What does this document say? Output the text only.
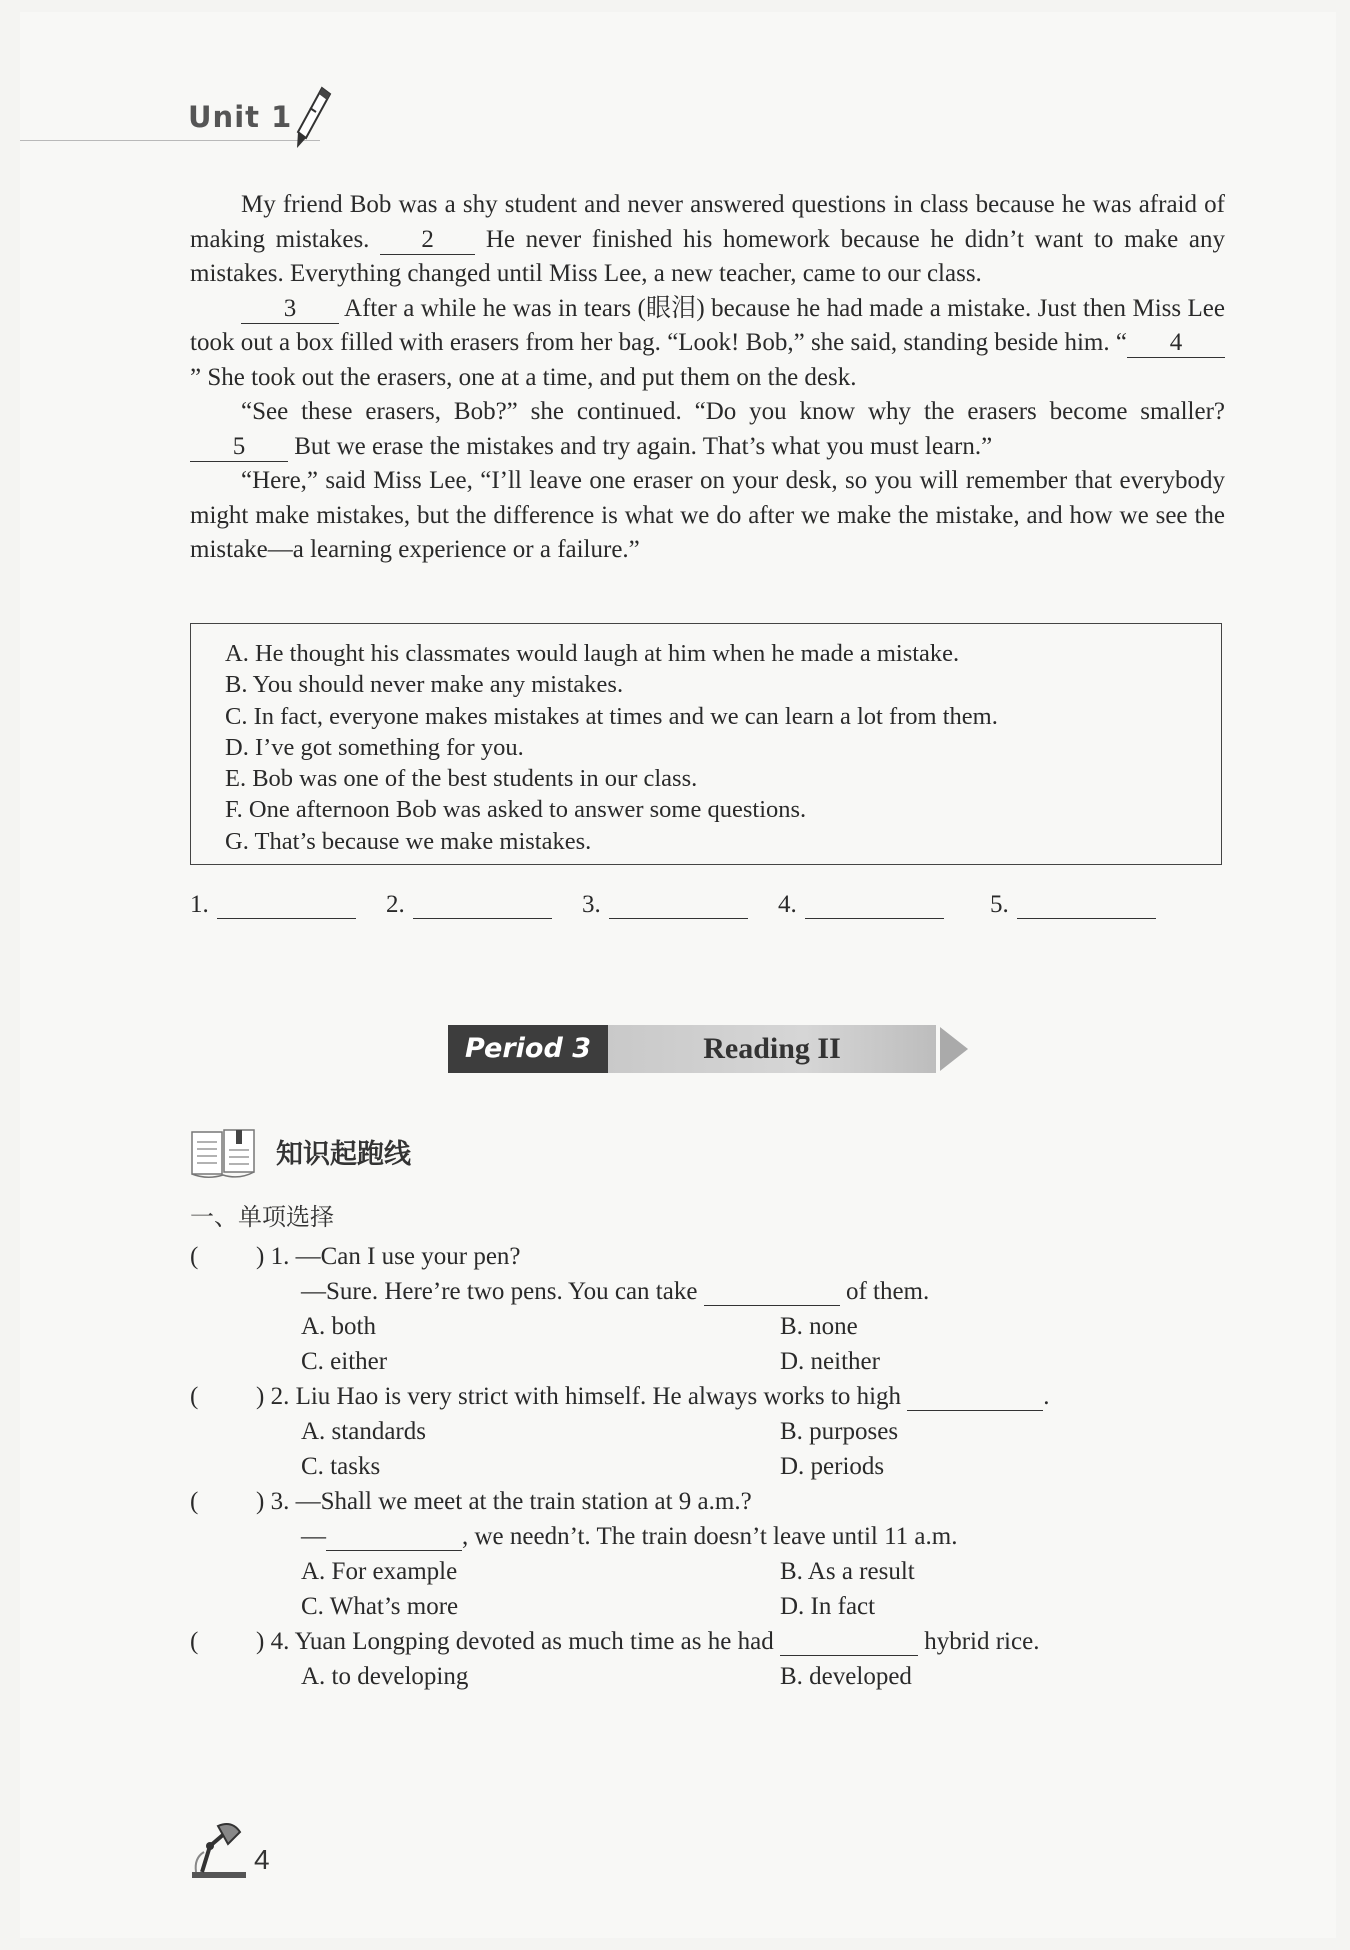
Unit 1

My friend Bob was a shy student and never answered questions in class because he was afraid of making mistakes. 2 He never finished his homework because he didn’t want to make any mistakes. Everything changed until Miss Lee, a new teacher, came to our class.

3 After a while he was in tears (眼泪) because he had made a mistake. Just then Miss Lee took out a box filled with erasers from her bag. “Look! Bob,” she said, standing beside him. “ 4” She took out the erasers, one at a time, and put them on the desk.

“See these erasers, Bob?” she continued. “Do you know why the erasers become smaller? 5 But we erase the mistakes and try again. That’s what you must learn.”

“Here,” said Miss Lee, “I’ll leave one eraser on your desk, so you will remember that everybody might make mistakes, but the difference is what we do after we make the mistake, and how we see the mistake—a learning experience or a failure.”

A. He thought his classmates would laugh at him when he made a mistake.
B. You should never make any mistakes.
C. In fact, everyone makes mistakes at times and we can learn a lot from them.
D. I’ve got something for you.
E. Bob was one of the best students in our class.
F. One afternoon Bob was asked to answer some questions.
G. That’s because we make mistakes.
1.	2.	3.	4.	5.
Period 3	Reading II
知识起跑线
一、单项选择
( ) 1. —Can I use your pen?
—Sure. Here’re two pens. You can take	of them.
A. both	B. none
C. either	D. neither
( ) 2. Liu Hao is very strict with himself. He always works to high	.
A. standards	B. purposes
C. tasks	D. periods
( ) 3. —Shall we meet at the train station at 9 a.m.?
—	, we needn’t. The train doesn’t leave until 11 a.m.
A. For example	B. As a result
C. What’s more	D. In fact
( ) 4. Yuan Longping devoted as much time as he had	hybrid rice.
A. to developing	B. developed
4
